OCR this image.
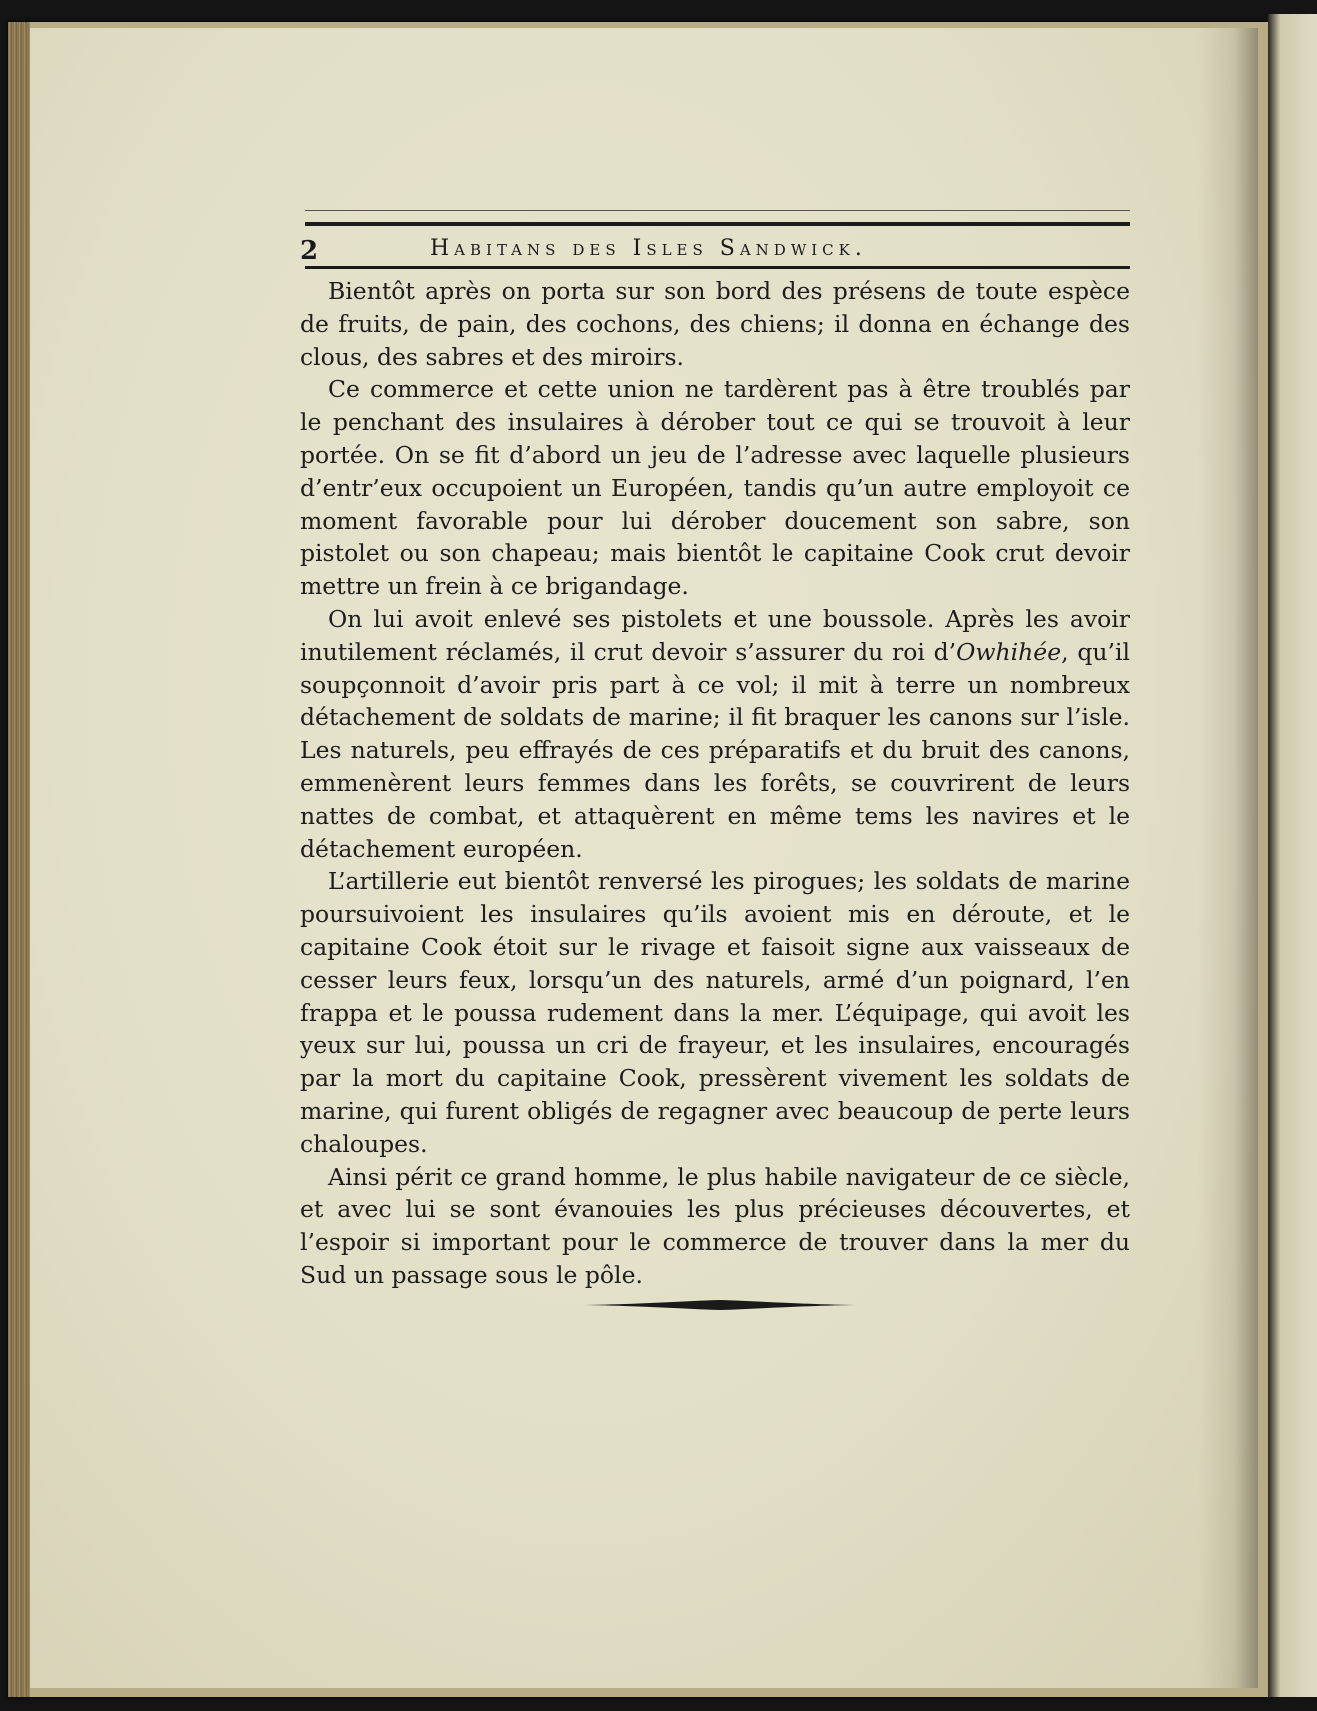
2	Habitans des Isles Sandwick.

Bientôt après on porta sur son bord des présens de toute espèce de fruits, de pain, des cochons, des chiens; il donna en échange des clous, des sabres et des miroirs.

Ce commerce et cette union ne tardèrent pas à être troublés par le penchant des insulaires à dérober tout ce qui se trouvoit à leur portée. On se fit d’abord un jeu de l’adresse avec laquelle plusieurs d’entr’eux occupoient un Européen, tandis qu’un autre employoit ce moment favorable pour lui dérober doucement son sabre, son pistolet ou son chapeau; mais bientôt le capitaine Cook crut devoir mettre un frein à ce brigandage.

On lui avoit enlevé ses pistolets et une boussole. Après les avoir inutilement réclamés, il crut devoir s’assurer du roi d’Owhihée, qu’il soupçonnoit d’avoir pris part à ce vol; il mit à terre un nombreux détachement de soldats de marine; il fit braquer les canons sur l’isle. Les naturels, peu effrayés de ces préparatifs et du bruit des canons, emmenèrent leurs femmes dans les forêts, se couvrirent de leurs nattes de combat, et attaquèrent en même tems les navires et le détachement européen.

L’artillerie eut bientôt renversé les pirogues; les soldats de marine poursuivoient les insulaires qu’ils avoient mis en déroute, et le capitaine Cook étoit sur le rivage et faisoit signe aux vaisseaux de cesser leurs feux, lorsqu’un des naturels, armé d’un poignard, l’en frappa et le poussa rudement dans la mer. L’équipage, qui avoit les yeux sur lui, poussa un cri de frayeur, et les insulaires, encouragés par la mort du capitaine Cook, pressèrent vivement les soldats de marine, qui furent obligés de regagner avec beaucoup de perte leurs chaloupes.

Ainsi périt ce grand homme, le plus habile navigateur de ce siècle, et avec lui se sont évanouies les plus précieuses découvertes, et l’espoir si important pour le commerce de trouver dans la mer du Sud un passage sous le pôle.
